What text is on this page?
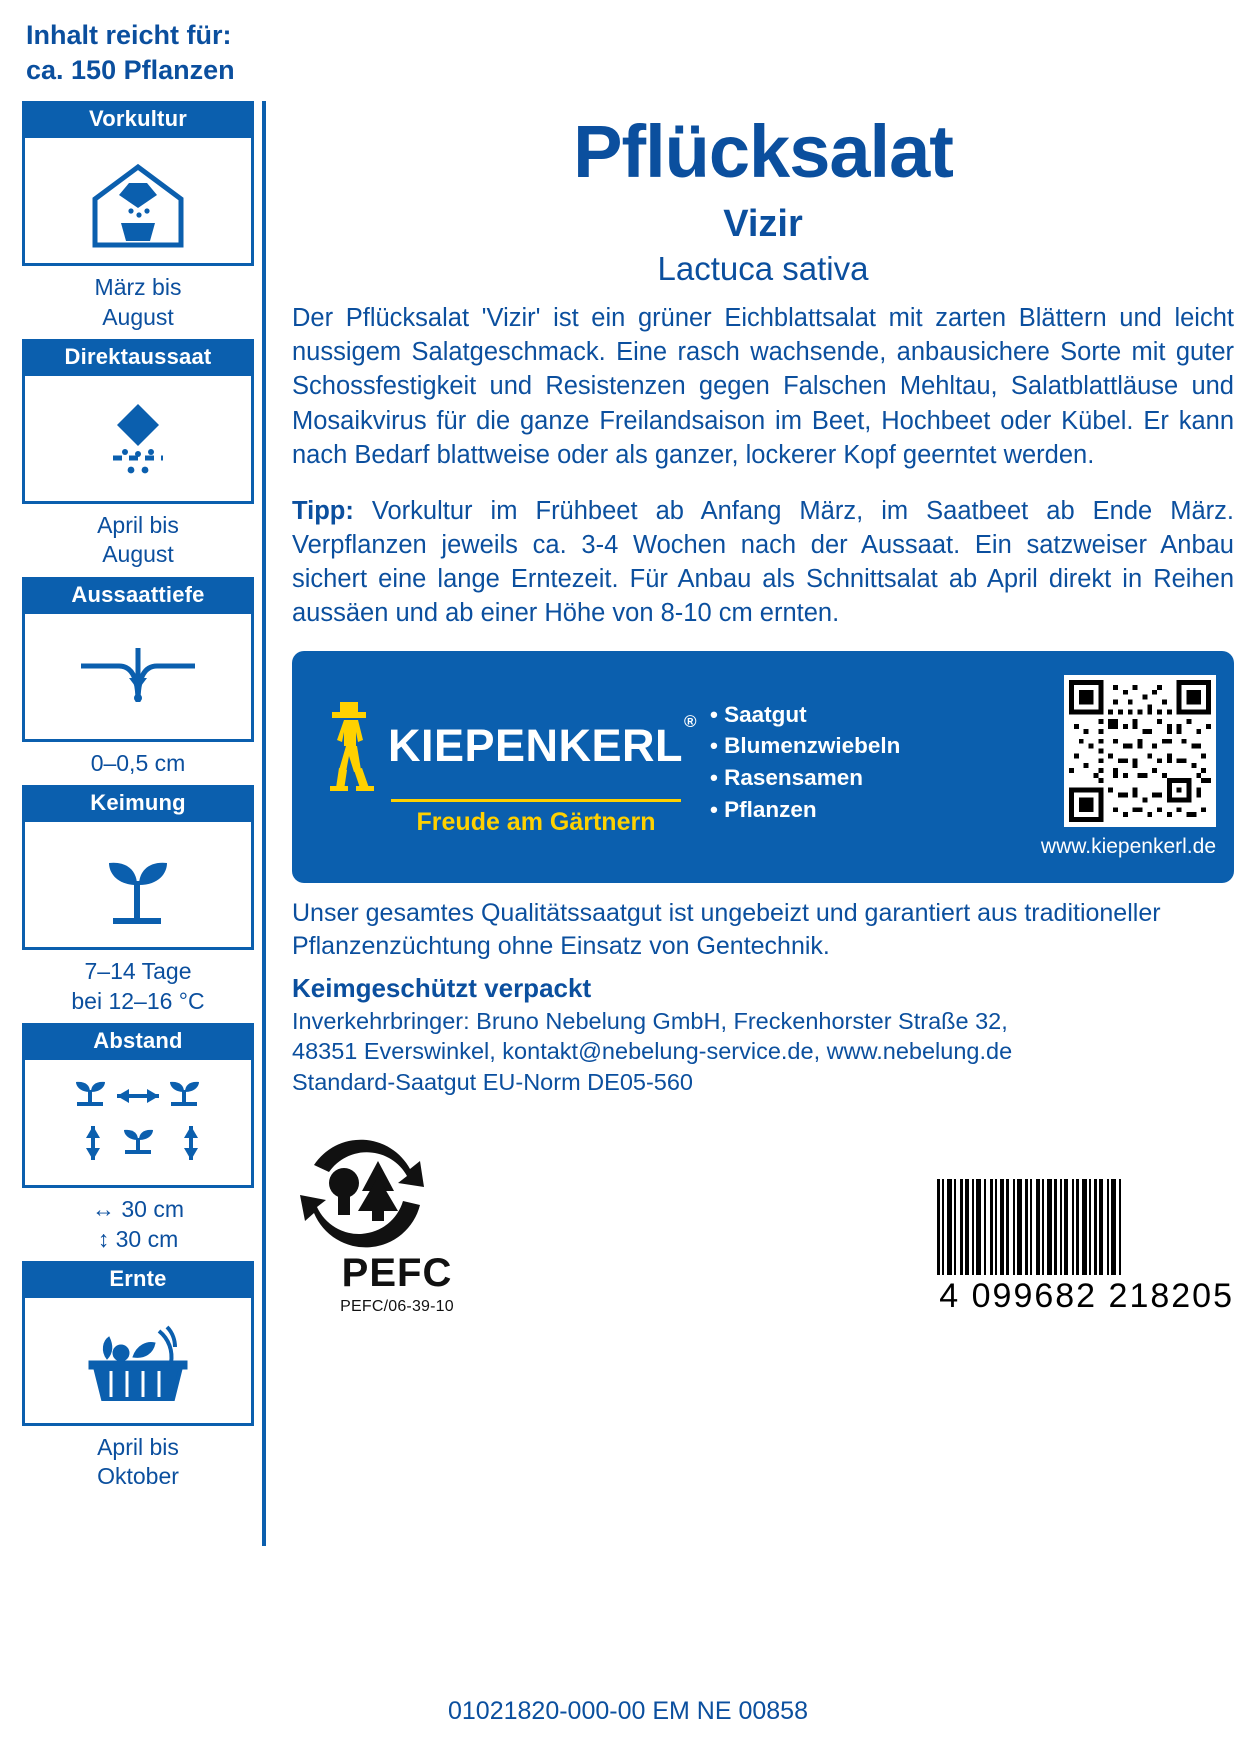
Inhalt reicht für:
ca. 150 Pflanzen
Vorkultur
März bis
August
Direktaussaat
April bis
August
Aussaattiefe
0–0,5 cm
Keimung
7–14 Tage
bei 12–16 °C
Abstand
↔ 30 cm
↕ 30 cm
Ernte
April bis
Oktober
Pflücksalat
Vizir
Lactuca sativa

Der Pflücksalat 'Vizir' ist ein grüner Eichblattsalat mit zarten Blättern und leicht nussigem Salatgeschmack. Eine rasch wachsende, anbausichere Sorte mit guter Schossfestigkeit und Resistenzen gegen Falschen Mehltau, Salatblattläuse und Mosaikvirus für die ganze Freilandsaison im Beet, Hochbeet oder Kübel. Er kann nach Bedarf blattweise oder als ganzer, lockerer Kopf geerntet werden.

Tipp: Vorkultur im Frühbeet ab Anfang März, im Saatbeet ab Ende März. Verpflanzen jeweils ca. 3-4 Wochen nach der Aussaat. Ein satzweiser Anbau sichert eine lange Erntezeit. Für Anbau als Schnittsalat ab April direkt in Reihen aussäen und ab einer Höhe von 8-10 cm ernten.

KIEPENKERL®
Freude am Gärtnern
• Saatgut
• Blumenzwiebeln
• Rasensamen
• Pflanzen
www.kiepenkerl.de
Unser gesamtes Qualitätssaatgut ist ungebeizt und garantiert aus traditioneller Pflanzenzüchtung ohne Einsatz von Gentechnik.
Keimgeschützt verpackt
Inverkehrbringer: Bruno Nebelung GmbH, Freckenhorster Straße 32,
48351 Everswinkel, kontakt@nebelung-service.de, www.nebelung.de
Standard-Saatgut EU-Norm DE05-560
PEFC
PEFC/06-39-10	4 099682 218205
01021820-000-00 EM NE 00858
